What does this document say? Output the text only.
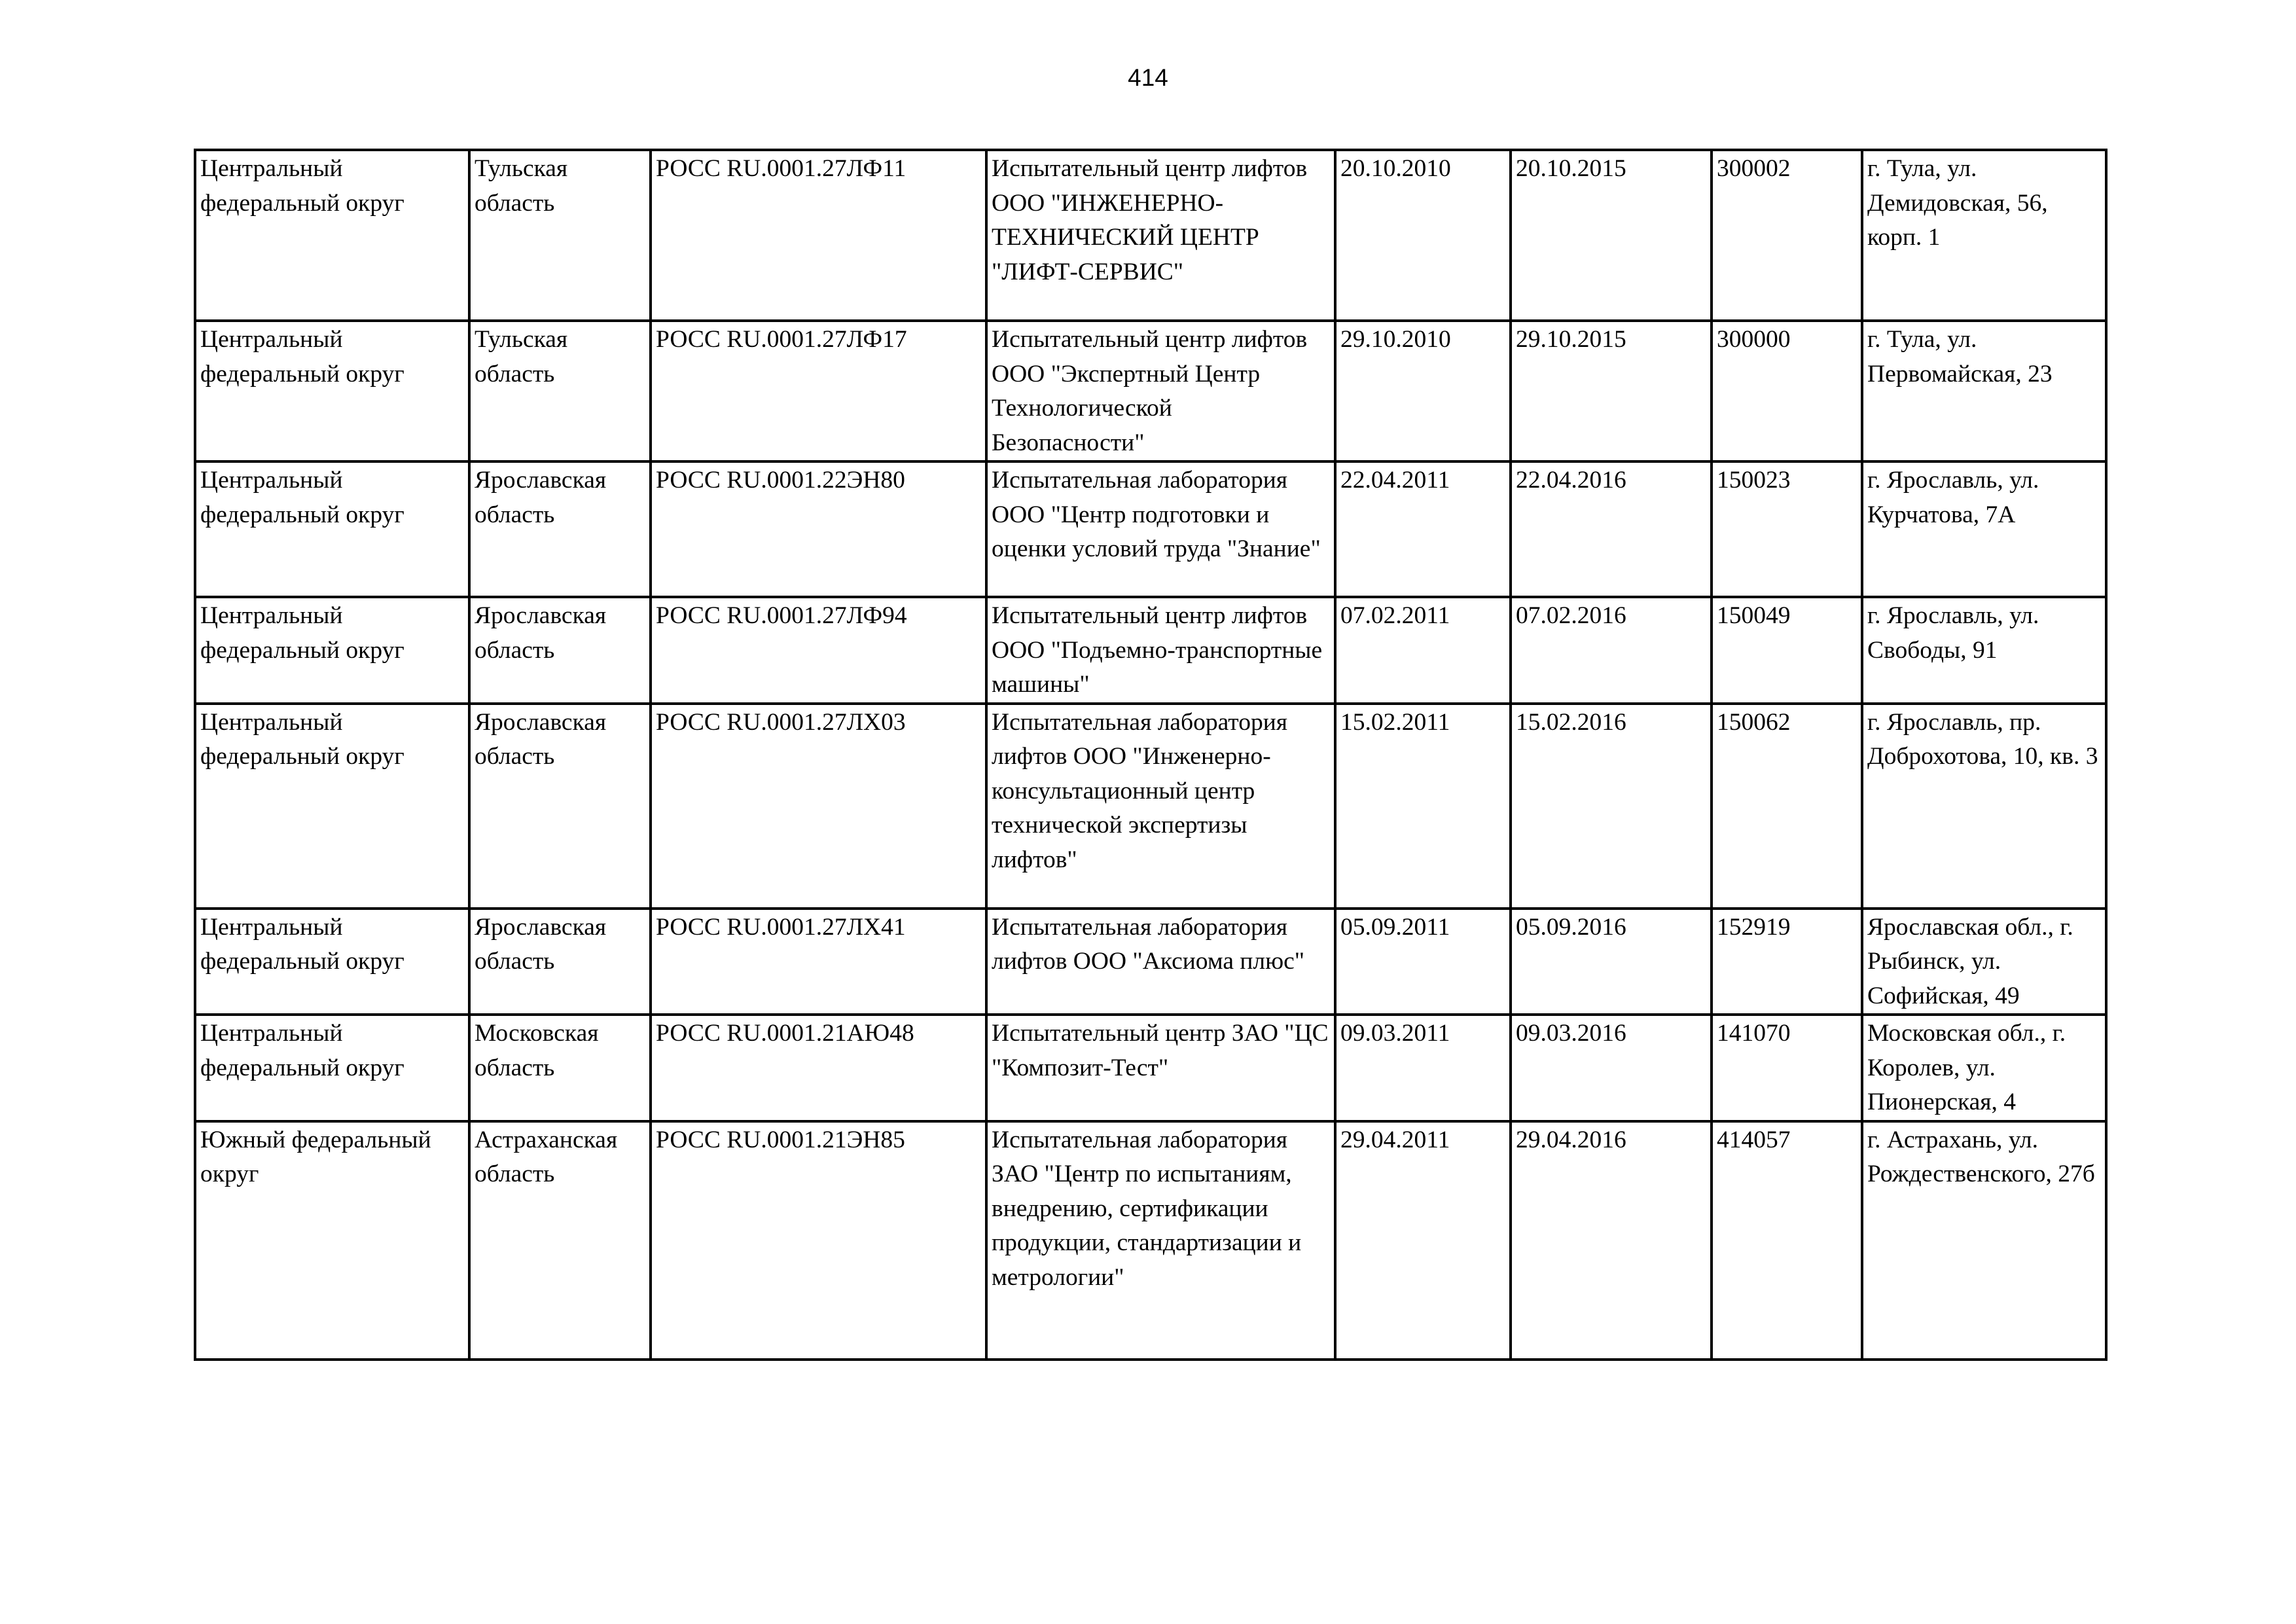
414
Центральный федеральный округ	Тульская область	РОСС RU.0001.27ЛФ11	Испытательный центр лифтов ООО "ИНЖЕНЕРНО-ТЕХНИЧЕСКИЙ ЦЕНТР "ЛИФТ-СЕРВИС"	20.10.2010	20.10.2015	300002	г. Тула, ул. Демидовская, 56, корп. 1
Центральный федеральный округ	Тульская область	РОСС RU.0001.27ЛФ17	Испытательный центр лифтов ООО "Экспертный Центр Технологической Безопасности"	29.10.2010	29.10.2015	300000	г. Тула, ул. Первомайская, 23
Центральный федеральный округ	Ярославская область	РОСС RU.0001.22ЭН80	Испытательная лаборатория ООО "Центр подготовки и оценки условий труда "Знание"	22.04.2011	22.04.2016	150023	г. Ярославль, ул. Курчатова, 7А
Центральный федеральный округ	Ярославская область	РОСС RU.0001.27ЛФ94	Испытательный центр лифтов ООО "Подъемно-транспортные машины"	07.02.2011	07.02.2016	150049	г. Ярославль, ул. Свободы, 91
Центральный федеральный округ	Ярославская область	РОСС RU.0001.27ЛХ03	Испытательная лаборатория лифтов ООО "Инженерно-консультационный центр технической экспертизы лифтов"	15.02.2011	15.02.2016	150062	г. Ярославль, пр. Доброхотова, 10, кв. 3
Центральный федеральный округ	Ярославская область	РОСС RU.0001.27ЛХ41	Испытательная лаборатория лифтов ООО "Аксиома плюс"	05.09.2011	05.09.2016	152919	Ярославская обл., г. Рыбинск, ул. Софийская, 49
Центральный федеральный округ	Московская область	РОСС RU.0001.21АЮ48	Испытательный центр ЗАО "ЦС "Композит-Тест"	09.03.2011	09.03.2016	141070	Московская обл., г. Королев, ул. Пионерская, 4
Южный федеральный округ	Астраханская область	РОСС RU.0001.21ЭН85	Испытательная лаборатория ЗАО "Центр по испытаниям, внедрению, сертификации продукции, стандартизации и метрологии"	29.04.2011	29.04.2016	414057	г. Астрахань, ул. Рождественского, 27б
